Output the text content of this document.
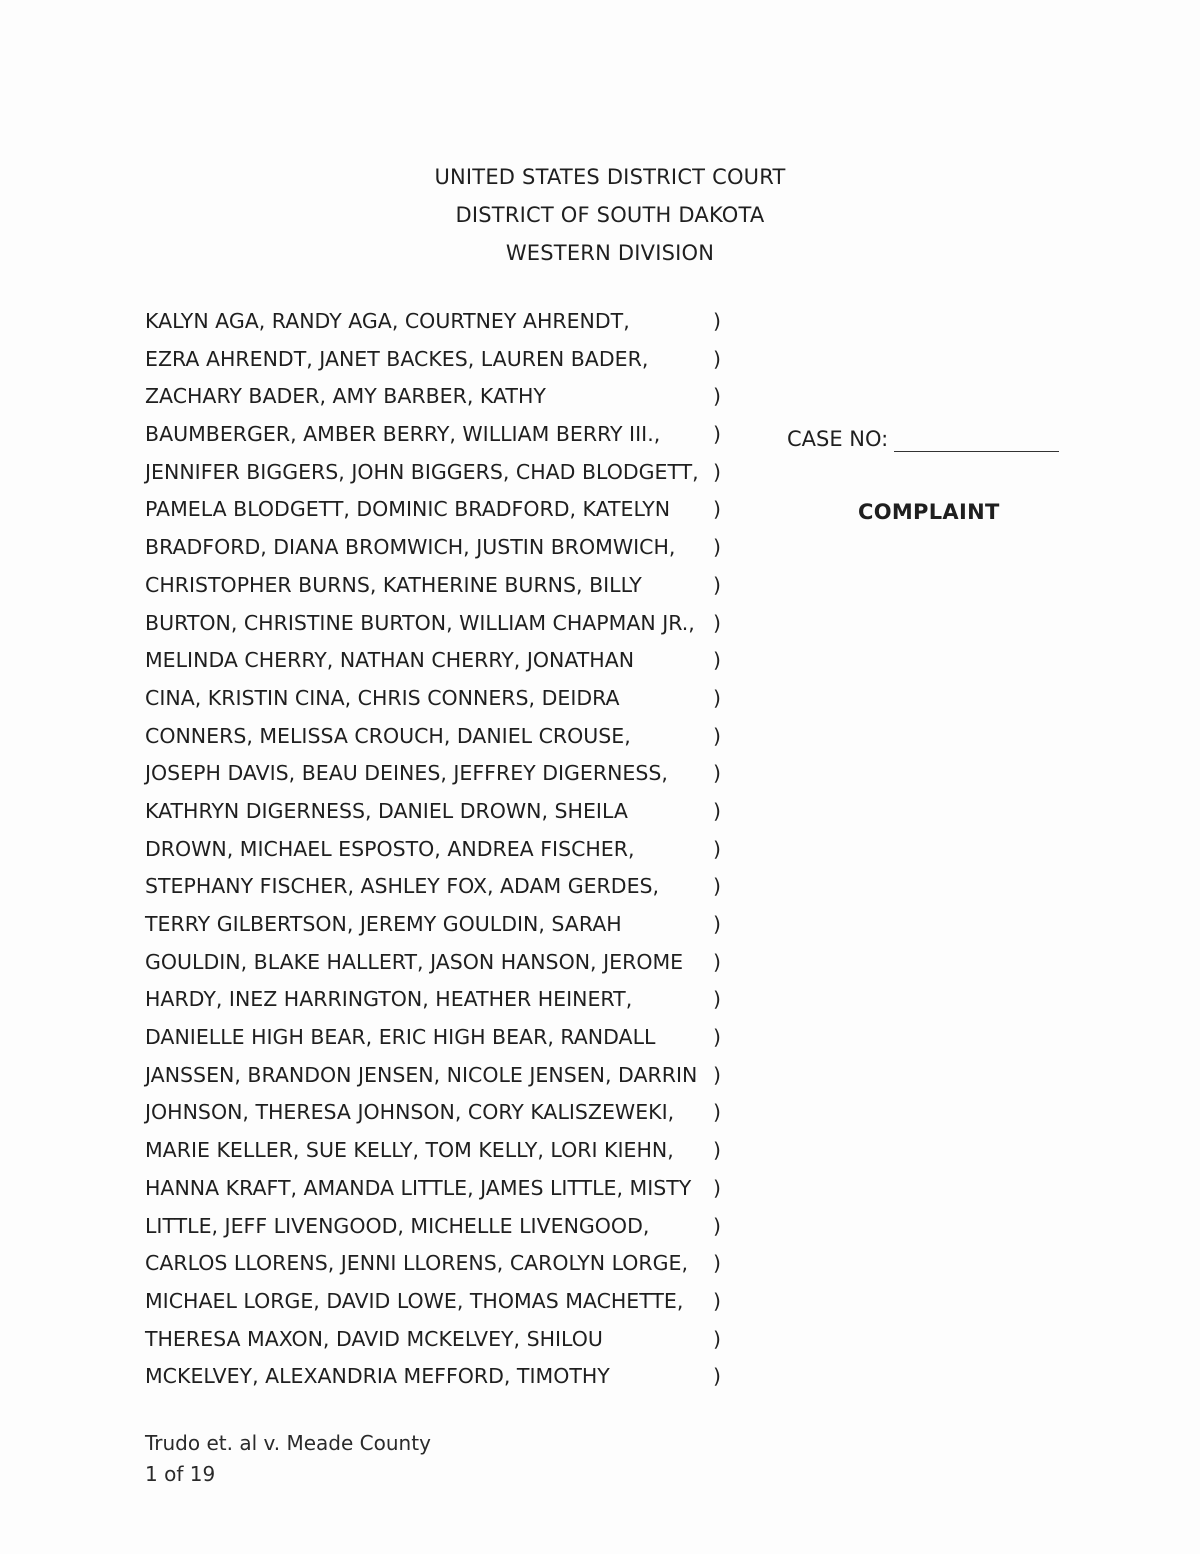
UNITED STATES DISTRICT COURT
DISTRICT OF SOUTH DAKOTA
WESTERN DIVISION
KALYN AGA, RANDY AGA, COURTNEY AHRENDT,	)
EZRA AHRENDT, JANET BACKES, LAUREN BADER,	)
ZACHARY BADER, AMY BARBER, KATHY	)
BAUMBERGER, AMBER BERRY, WILLIAM BERRY III.,	)
JENNIFER BIGGERS, JOHN BIGGERS, CHAD BLODGETT, )
PAMELA BLODGETT, DOMINIC BRADFORD, KATELYN )
BRADFORD, DIANA BROMWICH, JUSTIN BROMWICH, )
CHRISTOPHER BURNS, KATHERINE BURNS, BILLY	)
BURTON, CHRISTINE BURTON, WILLIAM CHAPMAN JR., )
MELINDA CHERRY, NATHAN CHERRY, JONATHAN	)
CINA, KRISTIN CINA, CHRIS CONNERS, DEIDRA	)
CONNERS, MELISSA CROUCH, DANIEL CROUSE,	)
JOSEPH DAVIS, BEAU DEINES, JEFFREY DIGERNESS, )
KATHRYN DIGERNESS, DANIEL DROWN, SHEILA	)
DROWN, MICHAEL ESPOSTO, ANDREA FISCHER,	)
STEPHANY FISCHER, ASHLEY FOX, ADAM GERDES,	)
TERRY GILBERTSON, JEREMY GOULDIN, SARAH	)
GOULDIN, BLAKE HALLERT, JASON HANSON, JEROME )
HARDY, INEZ HARRINGTON, HEATHER HEINERT,	)
DANIELLE HIGH BEAR, ERIC HIGH BEAR, RANDALL	)
JANSSEN, BRANDON JENSEN, NICOLE JENSEN, DARRIN )
JOHNSON, THERESA JOHNSON, CORY KALISZEWEKI, )
MARIE KELLER, SUE KELLY, TOM KELLY, LORI KIEHN, )
HANNA KRAFT, AMANDA LITTLE, JAMES LITTLE, MISTY )
LITTLE, JEFF LIVENGOOD, MICHELLE LIVENGOOD,	)
CARLOS LLORENS, JENNI LLORENS, CAROLYN LORGE, )
MICHAEL LORGE, DAVID LOWE, THOMAS MACHETTE, )
THERESA MAXON, DAVID MCKELVEY, SHILOU	)
MCKELVEY, ALEXANDRIA MEFFORD, TIMOTHY	)
CASE NO:
COMPLAINT
Trudo et. al v. Meade County
1 of 19
